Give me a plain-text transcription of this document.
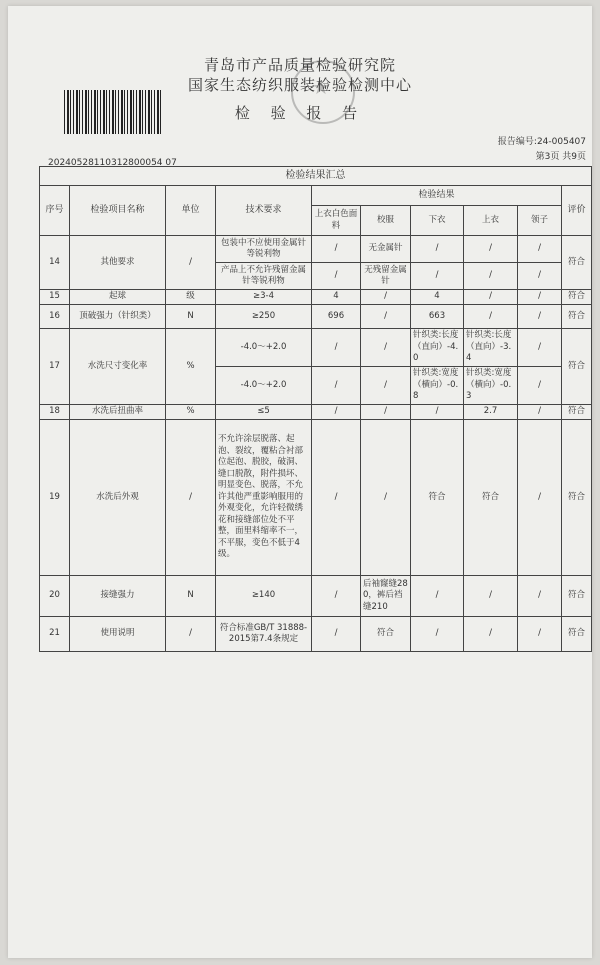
青岛市产品质量检验研究院
国家生态纺织服装检验检测中心
★
检 验 报 告
报告编号:24-005407
第3页 共9页
20240528110312800054 07
检验结果汇总									
序号	检验项目名称	单位	技术要求	检验结果					评价
				上衣白色面料	校服	下衣	上衣	领子	
14	其他要求	/	包装中不应使用金属针等锐利物	/	无金属针	/	/	/	符合
			产品上不允许残留金属针等锐利物	/	无残留金属针	/	/	/	
15	起球	级	≥3-4	4	/	4	/	/	符合
16	顶破强力（针织类）	N	≥250	696	/	663	/	/	符合
17	水洗尺寸变化率	%	-4.0～+2.0	/	/	针织类:长度（直向）-4.0	针织类:长度（直向）-3.4	/	符合
			-4.0～+2.0	/	/	针织类:宽度（横向）-0.8	针织类:宽度（横向）-0.3	/	
18	水洗后扭曲率	%	≤5	/	/	/	2.7	/	符合
19	水洗后外观	/	不允许涂层脱落、起泡、裂纹，覆粘合衬部位起泡、脱胶，破洞、缝口脱散，附件损坏、明显变色、脱落，不允许其他严重影响服用的外观变化，允许轻微绣花和接缝部位处不平整，面里料缩率不一，不平服，变色不低于4级。	/	/	符合	符合	/	符合
20	接缝强力	N	≥140	/	后袖窿缝280，裤后裆缝210	/	/	/	符合
21	使用说明	/	符合标准GB/T 31888-2015第7.4条规定	/	符合	/	/	/	符合
